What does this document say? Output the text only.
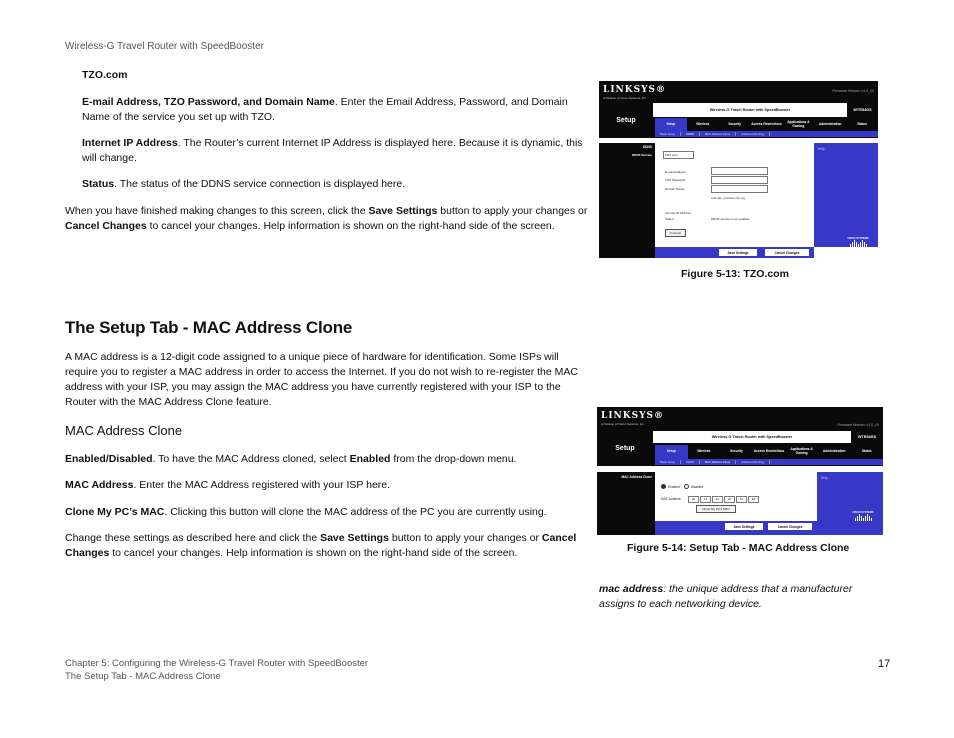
Wireless-G Travel Router with SpeedBooster
TZO.com
E-mail Address, TZO Password, and Domain Name. Enter the Email Address, Password, and Domain Name of the service you set up with TZO.
Internet IP Address. The Router’s current Internet IP Address is displayed here. Because it is dynamic, this will change.
Status. The status of the DDNS service connection is displayed here.
When you have finished making changes to this screen, click the Save Settings button to apply your changes or Cancel Changes to cancel your changes. Help information is shown on the right-hand side of the screen.
LINKSYS®
A Division of Cisco Systems, Inc.
Firmware Version: v1.0_00
Setup
Wireless-G Travel Router with SpeedBooster	WTR54GS
Setup	Wireless	Security	Access Restrictions	Applications & Gaming	Administration	Status
Basic Setup	DDNS	MAC Address Clone	Advanced Routing
DDNS
DDNS Service
Help...
TZO.com
E-mail Address:
TZO Password:
Domain Name:
example: yourname.tzo.org
Internet IP Address:
Status:	DDNS service is not enabled
Connect
Save Settings	Cancel Changes
CISCO SYSTEMS
Figure 5-13: TZO.com
The Setup Tab - MAC Address Clone
A MAC address is a 12-digit code assigned to a unique piece of hardware for identification. Some ISPs will require you to register a MAC address in order to access the Internet. If you do not wish to re-register the MAC address with your ISP, you may assign the MAC address you have currently registered with your ISP to the Router with the MAC Address Clone feature.
MAC Address Clone
Enabled/Disabled. To have the MAC Address cloned, select Enabled from the drop-down menu.
MAC Address. Enter the MAC Address registered with your ISP here.
Clone My PC’s MAC. Clicking this button will clone the MAC address of the PC you are currently using.
Change these settings as described here and click the Save Settings button to apply your changes or Cancel Changes to cancel your changes. Help information is shown on the right-hand side of the screen.
LINKSYS®
A Division of Cisco Systems, Inc.	Firmware Version: v1.0_00
Setup
Wireless-G Travel Router with SpeedBooster	WTR54GS
Setup	Wireless	Security	Access Restrictions	Applications & Gaming	Administration	Status
Basic Setup	DDNS	MAC Address Clone	Advanced Routing
MAC Address Clone	Help...
Enabled	Disabled
MAC Address:	00	14	6C	26	61	E9
Clone My PC's MAC
Save Settings	Cancel Changes
CISCO SYSTEMS
Figure 5-14: Setup Tab - MAC Address Clone
mac address: the unique address that a manufacturer assigns to each networking device.
Chapter 5: Configuring the Wireless-G Travel Router with SpeedBooster
The Setup Tab - MAC Address Clone
17
